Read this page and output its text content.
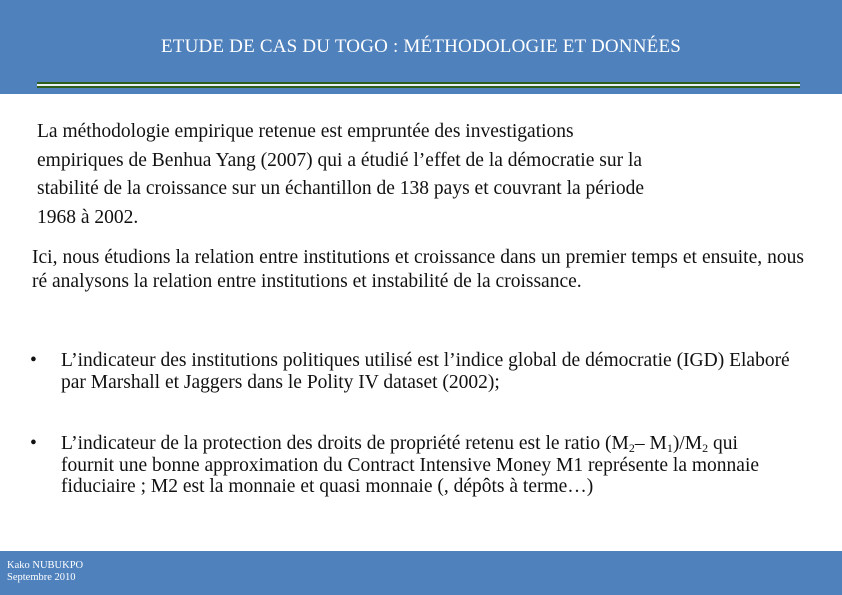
ETUDE DE CAS DU TOGO : MÉTHODOLOGIE ET DONNÉES
La méthodologie empirique retenue est empruntée des investigations
empiriques de Benhua Yang (2007) qui a étudié l’effet de la démocratie sur la
stabilité de la croissance sur un échantillon de 138 pays et couvrant la période
1968 à 2002.
Ici, nous étudions la relation entre institutions et croissance dans un premier temps et ensuite, nous ré analysons la relation entre institutions et instabilité de la croissance.
• L’indicateur des institutions politiques utilisé est l’indice global de démocratie (IGD) Elaboré par Marshall et Jaggers dans le Polity IV dataset (2002);
• L’indicateur de la protection des droits de propriété retenu est le ratio ($M_2-$ $M_1)/M_2$ qui fournit une bonne approximation du Contract Intensive Money M1 représente la monnaie fiduciaire ; M2 est la monnaie et quasi monnaie (, dépôts à terme…)
Kako NUBUKPO
Septembre 2010
